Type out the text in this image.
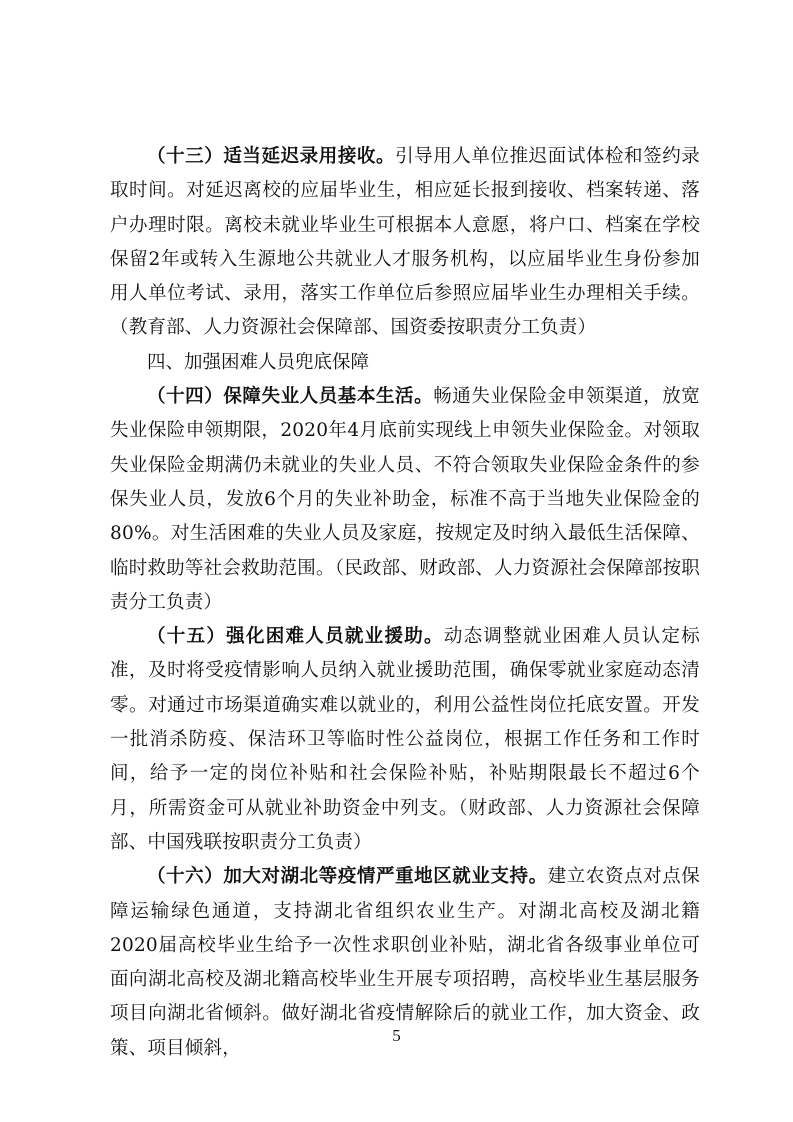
（十三）适当延迟录用接收。引导用人单位推迟面试体检和签约录取时间。对延迟离校的应届毕业生，相应延长报到接收、档案转递、落户办理时限。离校未就业毕业生可根据本人意愿，将户口、档案在学校保留2年或转入生源地公共就业人才服务机构，以应届毕业生身份参加用人单位考试、录用，落实工作单位后参照应届毕业生办理相关手续。（教育部、人力资源社会保障部、国资委按职责分工负责）

四、加强困难人员兜底保障

（十四）保障失业人员基本生活。畅通失业保险金申领渠道，放宽失业保险申领期限，2020年4月底前实现线上申领失业保险金。对领取失业保险金期满仍未就业的失业人员、不符合领取失业保险金条件的参保失业人员，发放6个月的失业补助金，标准不高于当地失业保险金的80%。对生活困难的失业人员及家庭，按规定及时纳入最低生活保障、临时救助等社会救助范围。（民政部、财政部、人力资源社会保障部按职责分工负责）

（十五）强化困难人员就业援助。动态调整就业困难人员认定标准，及时将受疫情影响人员纳入就业援助范围，确保零就业家庭动态清零。对通过市场渠道确实难以就业的，利用公益性岗位托底安置。开发一批消杀防疫、保洁环卫等临时性公益岗位，根据工作任务和工作时间，给予一定的岗位补贴和社会保险补贴，补贴期限最长不超过6个月，所需资金可从就业补助资金中列支。（财政部、人力资源社会保障部、中国残联按职责分工负责）

（十六）加大对湖北等疫情严重地区就业支持。建立农资点对点保障运输绿色通道，支持湖北省组织农业生产。对湖北高校及湖北籍2020届高校毕业生给予一次性求职创业补贴，湖北省各级事业单位可面向湖北高校及湖北籍高校毕业生开展专项招聘，高校毕业生基层服务项目向湖北省倾斜。做好湖北省疫情解除后的就业工作，加大资金、政策、项目倾斜，

5
